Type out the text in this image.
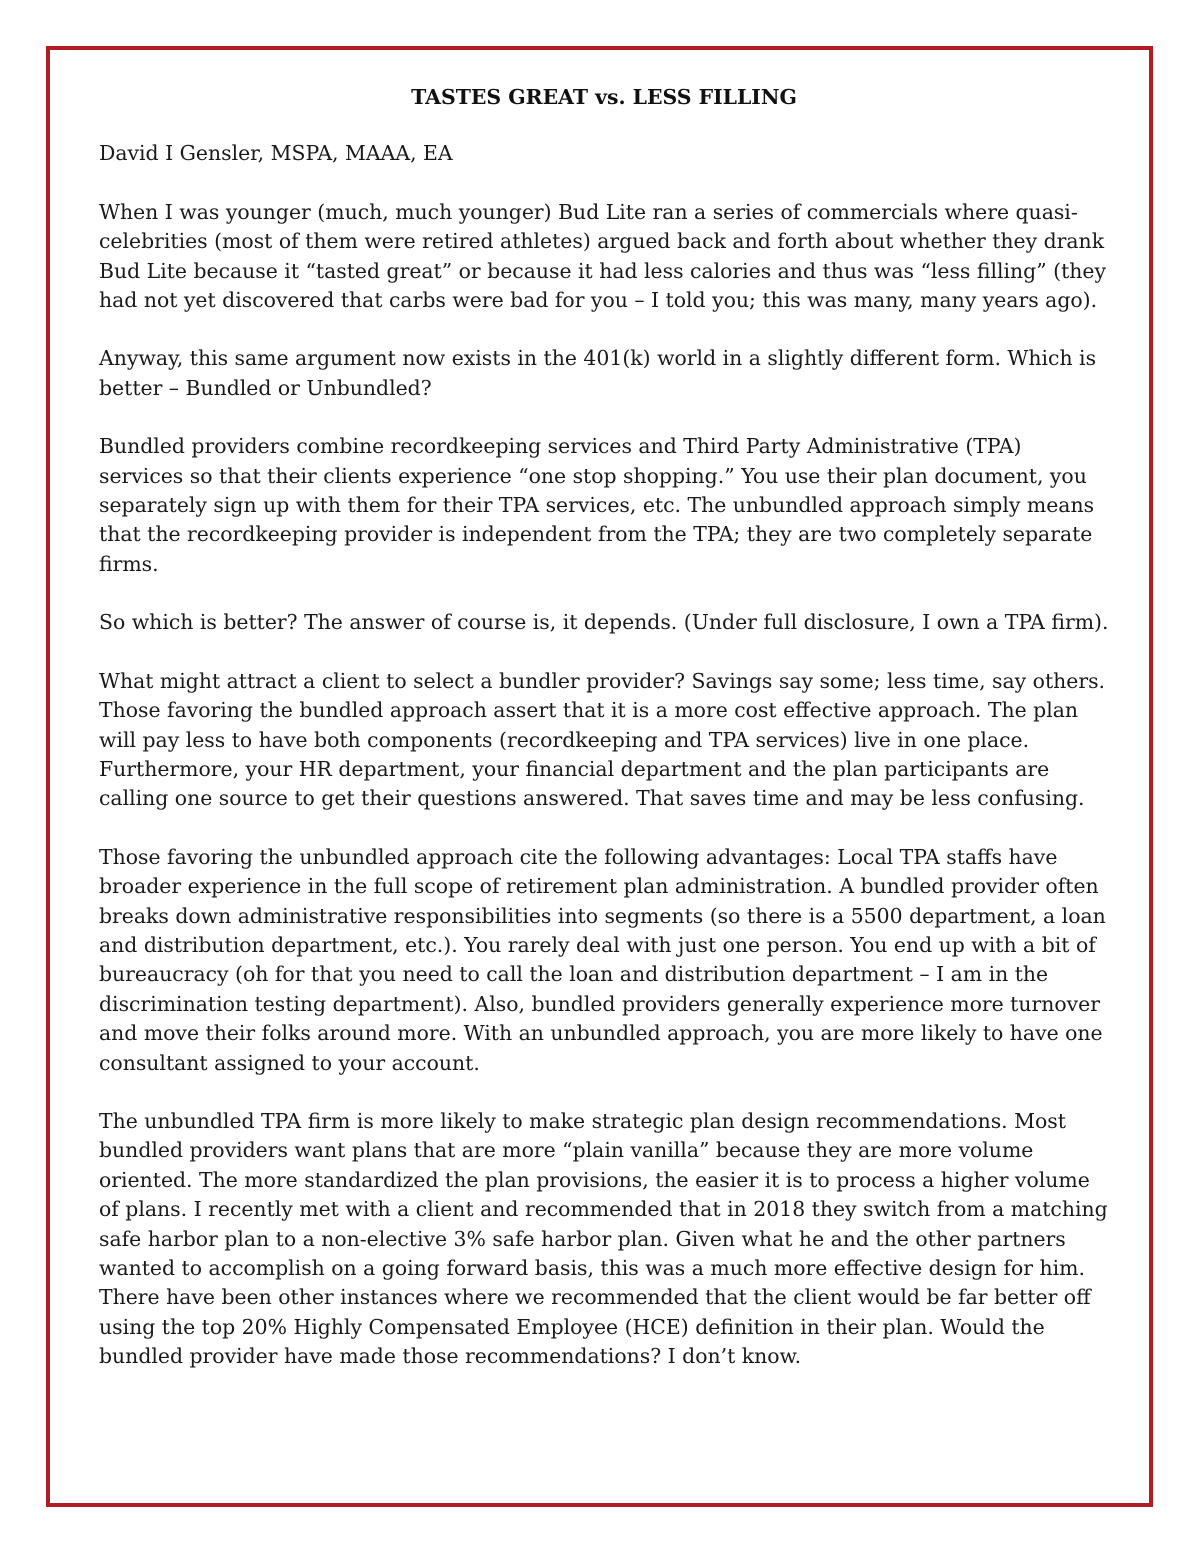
TASTES GREAT vs. LESS FILLING
David I Gensler, MSPA, MAAA, EA

When I was younger (much, much younger) Bud Lite ran a series of commercials where quasi-celebrities (most of them were retired athletes) argued back and forth about whether they drank Bud Lite because it “tasted great” or because it had less calories and thus was “less filling” (they had not yet discovered that carbs were bad for you – I told you; this was many, many years ago).

Anyway, this same argument now exists in the 401(k) world in a slightly different form. Which is better – Bundled or Unbundled?

Bundled providers combine recordkeeping services and Third Party Administrative (TPA) services so that their clients experience “one stop shopping.” You use their plan document, you separately sign up with them for their TPA services, etc. The unbundled approach simply means that the recordkeeping provider is independent from the TPA; they are two completely separate firms.

So which is better? The answer of course is, it depends. (Under full disclosure, I own a TPA firm).

What might attract a client to select a bundler provider? Savings say some; less time, say others. Those favoring the bundled approach assert that it is a more cost effective approach. The plan will pay less to have both components (recordkeeping and TPA services) live in one place. Furthermore, your HR department, your financial department and the plan participants are calling one source to get their questions answered. That saves time and may be less confusing.

Those favoring the unbundled approach cite the following advantages: Local TPA staffs have broader experience in the full scope of retirement plan administration. A bundled provider often breaks down administrative responsibilities into segments (so there is a 5500 department, a loan and distribution department, etc.). You rarely deal with just one person. You end up with a bit of bureaucracy (oh for that you need to call the loan and distribution department – I am in the discrimination testing department). Also, bundled providers generally experience more turnover and move their folks around more. With an unbundled approach, you are more likely to have one consultant assigned to your account.

The unbundled TPA firm is more likely to make strategic plan design recommendations. Most bundled providers want plans that are more “plain vanilla” because they are more volume oriented. The more standardized the plan provisions, the easier it is to process a higher volume of plans. I recently met with a client and recommended that in 2018 they switch from a matching safe harbor plan to a non-elective 3% safe harbor plan. Given what he and the other partners wanted to accomplish on a going forward basis, this was a much more effective design for him. There have been other instances where we recommended that the client would be far better off using the top 20% Highly Compensated Employee (HCE) definition in their plan. Would the bundled provider have made those recommendations? I don’t know.
